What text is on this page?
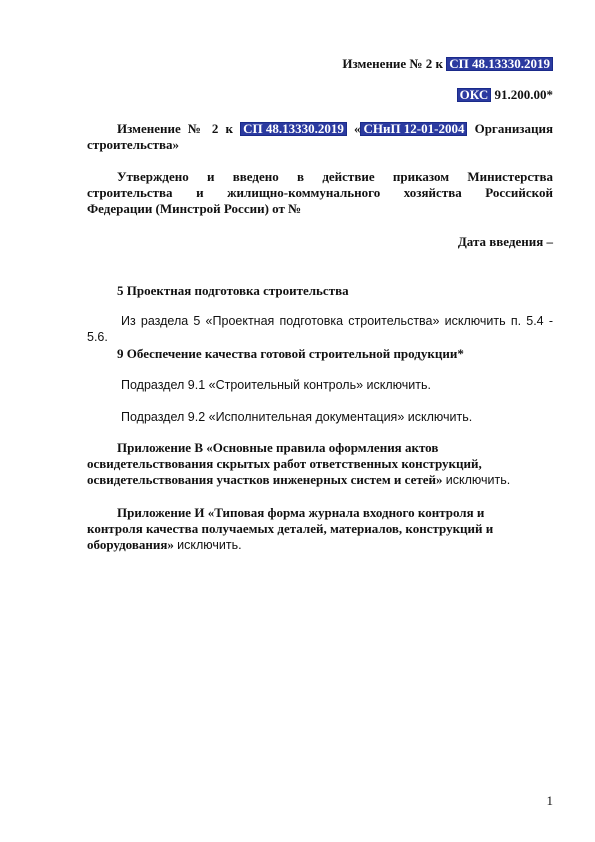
Изменение № 2 к СП 48.13330.2019
ОКС 91.200.00*
Изменение № 2 к СП 48.13330.2019 « СНиП 12-01-2004 Организация
строительства»
Утверждено и введено в действие приказом Министерства
строительства и жилищно-коммунального хозяйства Российской
Федерации (Минстрой России) от №
Дата введения –
5 Проектная подготовка строительства
Из раздела 5 «Проектная подготовка строительства» исключить п. 5.4 -
5.6.
9 Обеспечение качества готовой строительной продукции*
Подраздел 9.1 «Строительный контроль» исключить.
Подраздел 9.2 «Исполнительная документация» исключить.
Приложение В «Основные правила оформления актов
освидетельствования скрытых работ ответственных конструкций,
освидетельствования участков инженерных систем и сетей» исключить.
Приложение И «Типовая форма журнала входного контроля и
контроля качества получаемых деталей, материалов, конструкций и
оборудования» исключить.
1
